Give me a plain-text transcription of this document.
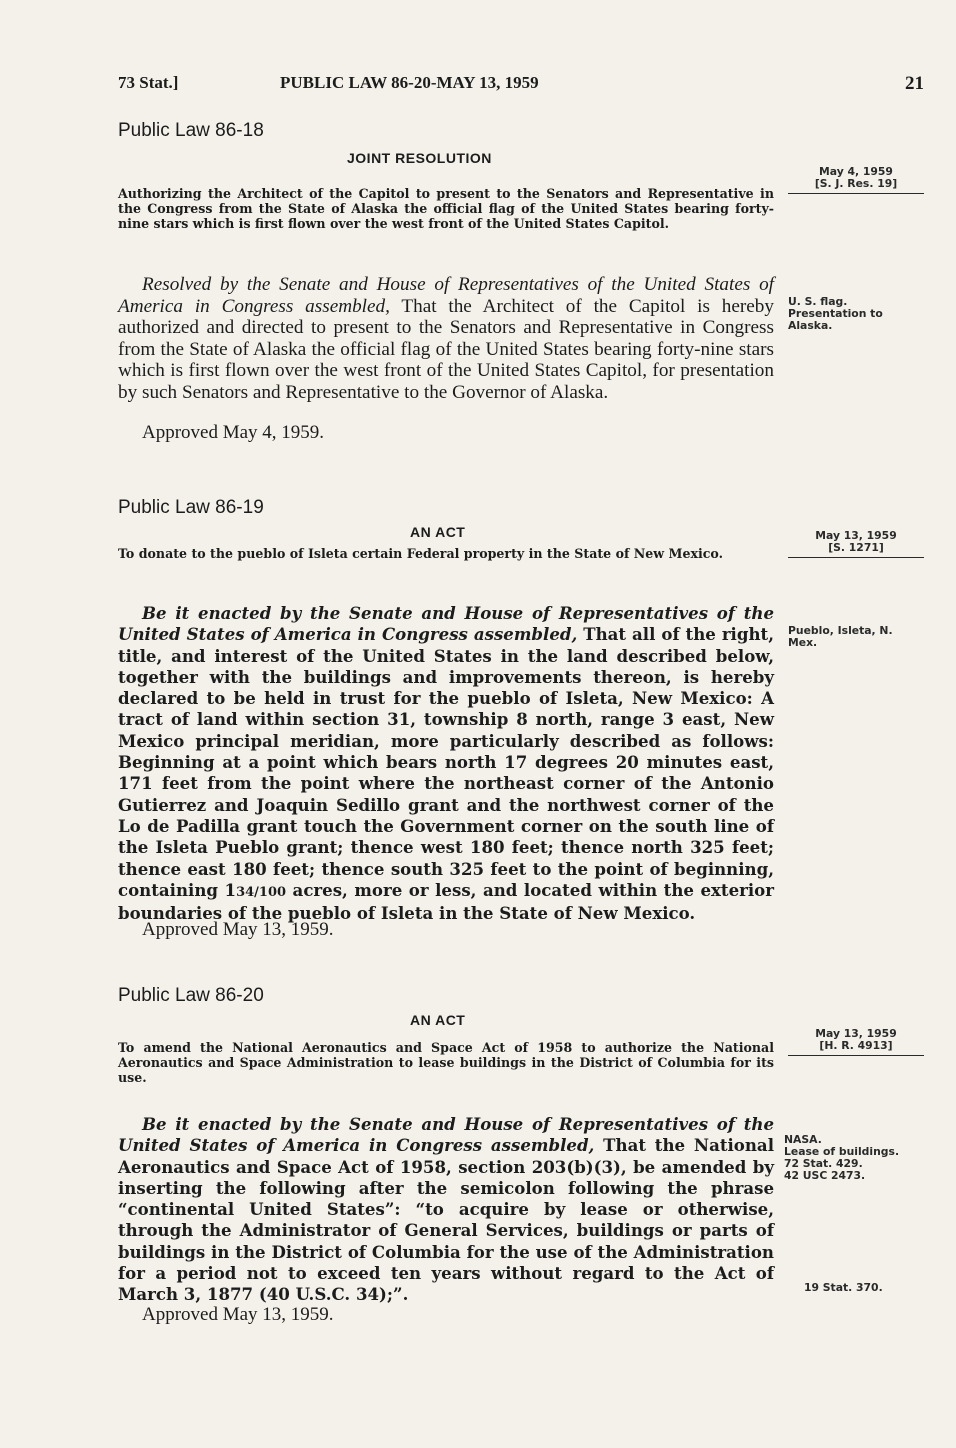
73 Stat.]	PUBLIC LAW 86-20-MAY 13, 1959	21
Public Law 86-18
JOINT RESOLUTION
Authorizing the Architect of the Capitol to present to the Senators and Representative in the Congress from the State of Alaska the official flag of the United States bearing forty-nine stars which is first flown over the west front of the United States Capitol.
Resolved by the Senate and House of Representatives of the United States of America in Congress assembled, That the Architect of the Capitol is hereby authorized and directed to present to the Senators and Representative in Congress from the State of Alaska the official flag of the United States bearing forty-nine stars which is first flown over the west front of the United States Capitol, for presentation by such Senators and Representative to the Governor of Alaska.
Approved May 4, 1959.
May 4, 1959
[S. J. Res. 19]
U. S. flag. Presentation to Alaska.
Public Law 86-19
AN ACT
To donate to the pueblo of Isleta certain Federal property in the State of New Mexico.
Be it enacted by the Senate and House of Representatives of the United States of America in Congress assembled, That all of the right, title, and interest of the United States in the land described below, together with the buildings and improvements thereon, is hereby declared to be held in trust for the pueblo of Isleta, New Mexico: A tract of land within section 31, township 8 north, range 3 east, New Mexico principal meridian, more particularly described as follows: Beginning at a point which bears north 17 degrees 20 minutes east, 171 feet from the point where the northeast corner of the Antonio Gutierrez and Joaquin Sedillo grant and the northwest corner of the Lo de Padilla grant touch the Government corner on the south line of the Isleta Pueblo grant; thence west 180 feet; thence north 325 feet; thence east 180 feet; thence south 325 feet to the point of beginning, containing 134/100 acres, more or less, and located within the exterior boundaries of the pueblo of Isleta in the State of New Mexico.
Approved May 13, 1959.
May 13, 1959
[S. 1271]
Pueblo, Isleta, N. Mex.
Public Law 86-20
AN ACT
To amend the National Aeronautics and Space Act of 1958 to authorize the National Aeronautics and Space Administration to lease buildings in the District of Columbia for its use.
Be it enacted by the Senate and House of Representatives of the United States of America in Congress assembled, That the National Aeronautics and Space Act of 1958, section 203(b)(3), be amended by inserting the following after the semicolon following the phrase “continental United States”: “to acquire by lease or otherwise, through the Administrator of General Services, buildings or parts of buildings in the District of Columbia for the use of the Administration for a period not to exceed ten years without regard to the Act of March 3, 1877 (40 U.S.C. 34);”.
Approved May 13, 1959.
May 13, 1959
[H. R. 4913]
NASA.
Lease of buildings.
72 Stat. 429.
42 USC 2473.
19 Stat. 370.
